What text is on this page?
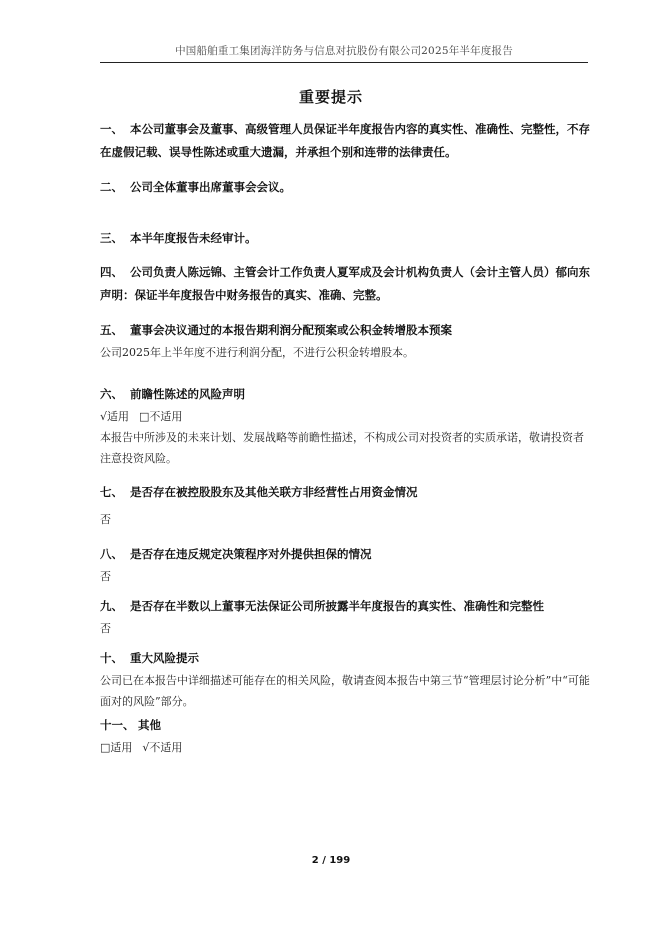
中国船舶重工集团海洋防务与信息对抗股份有限公司2025年半年度报告
重要提示
一、 本公司董事会及董事、高级管理人员保证半年度报告内容的真实性、准确性、完整性，不存在虚假记载、误导性陈述或重大遗漏，并承担个别和连带的法律责任。
二、 公司全体董事出席董事会会议。
三、 本半年度报告未经审计。
四、 公司负责人陈远锦、主管会计工作负责人夏军成及会计机构负责人（会计主管人员）郁向东声明：保证半年度报告中财务报告的真实、准确、完整。
五、 董事会决议通过的本报告期利润分配预案或公积金转增股本预案
公司2025年上半年度不进行利润分配，不进行公积金转增股本。
六、 前瞻性陈述的风险声明
√适用 □不适用
本报告中所涉及的未来计划、发展战略等前瞻性描述，不构成公司对投资者的实质承诺，敬请投资者注意投资风险。
七、 是否存在被控股股东及其他关联方非经营性占用资金情况
否
八、 是否存在违反规定决策程序对外提供担保的情况
否
九、 是否存在半数以上董事无法保证公司所披露半年度报告的真实性、准确性和完整性
否
十、 重大风险提示
公司已在本报告中详细描述可能存在的相关风险，敬请查阅本报告中第三节“管理层讨论分析”中“可能面对的风险”部分。
十一、 其他
□适用 √不适用
2 / 199
